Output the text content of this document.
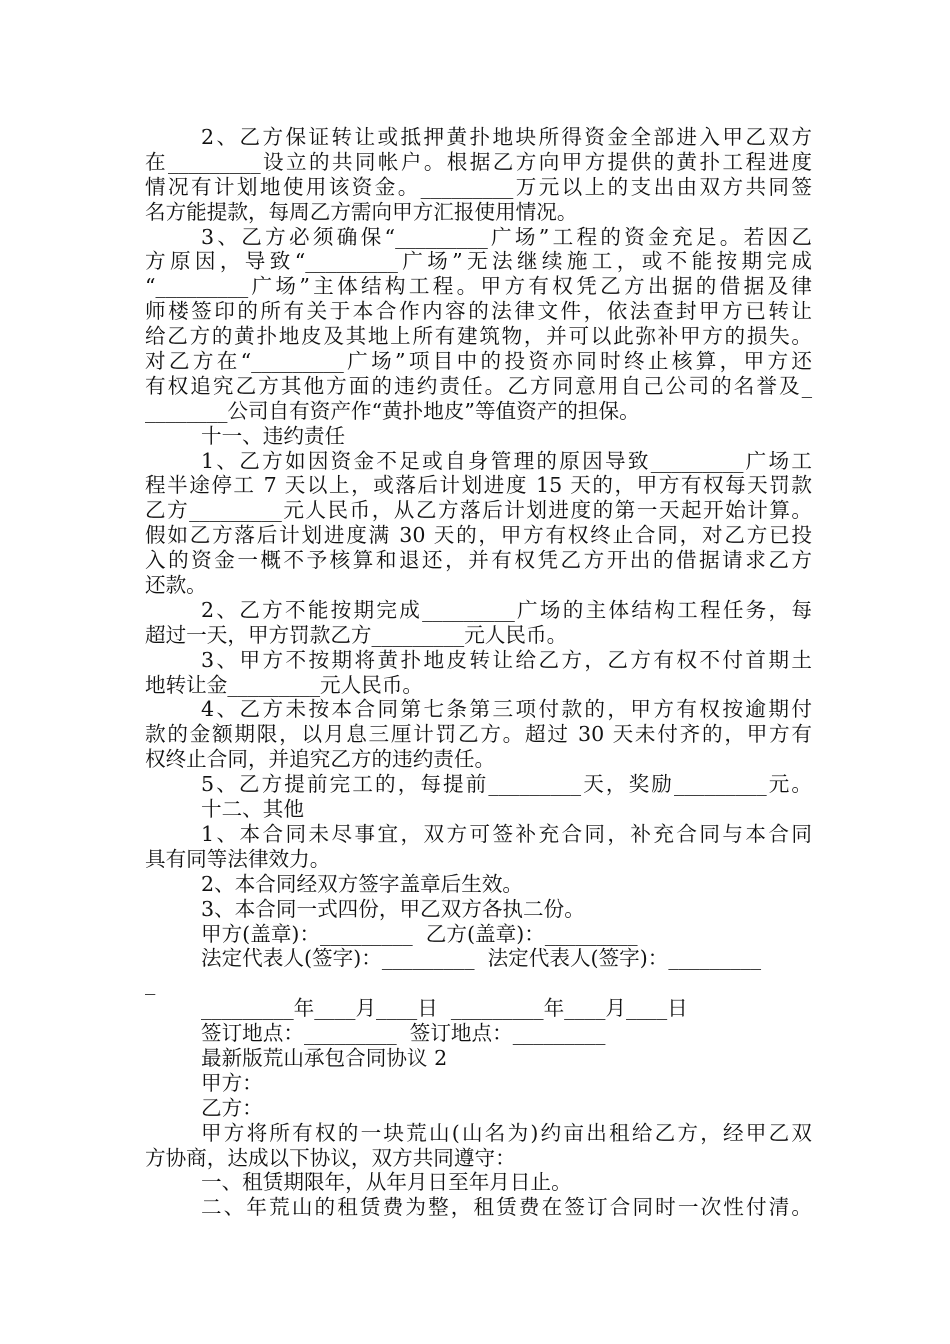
2、乙方保证转让或抵押黄扑地块所得资金全部进入甲乙双方
在_________设立的共同帐户。根据乙方向甲方提供的黄扑工程进度
情况有计划地使用该资金。_________万元以上的支出由双方共同签
名方能提款，每周乙方需向甲方汇报使用情况。
3、乙方必须确保“_________广场”工程的资金充足。若因乙
方原因，导致“_________广场”无法继续施工，或不能按期完成
“_________广场”主体结构工程。甲方有权凭乙方出据的借据及律
师楼签印的所有关于本合作内容的法律文件，依法查封甲方已转让
给乙方的黄扑地皮及其地上所有建筑物，并可以此弥补甲方的损失。
对乙方在“_________广场”项目中的投资亦同时终止核算，甲方还
有权追究乙方其他方面的违约责任。乙方同意用自己公司的名誉及_
________公司自有资产作“黄扑地皮”等值资产的担保。
十一、违约责任
1、乙方如因资金不足或自身管理的原因导致_________广场工
程半途停工 7 天以上，或落后计划进度 15 天的，甲方有权每天罚款
乙方_________元人民币，从乙方落后计划进度的第一天起开始计算。
假如乙方落后计划进度满 30 天的，甲方有权终止合同，对乙方已投
入的资金一概不予核算和退还，并有权凭乙方开出的借据请求乙方
还款。
2、乙方不能按期完成_________广场的主体结构工程任务，每
超过一天，甲方罚款乙方_________元人民币。
3、甲方不按期将黄扑地皮转让给乙方，乙方有权不付首期土
地转让金_________元人民币。
4、乙方未按本合同第七条第三项付款的，甲方有权按逾期付
款的金额期限，以月息三厘计罚乙方。超过 30 天未付齐的，甲方有
权终止合同，并追究乙方的违约责任。
5、乙方提前完工的，每提前_________天，奖励_________元。
十二、其他
1、本合同未尽事宜，双方可签补充合同，补充合同与本合同
具有同等法律效力。
2、本合同经双方签字盖章后生效。
3、本合同一式四份，甲乙双方各执二份。
甲方(盖章)：_________  乙方(盖章)：_________
法定代表人(签字)：_________  法定代表人(签字)：_________
_
_________年____月____日  _________年____月____日
签订地点：_________  签订地点：_________
最新版荒山承包合同协议 2
甲方：
乙方：
甲方将所有权的一块荒山(山名为)约亩出租给乙方，经甲乙双
方协商，达成以下协议，双方共同遵守：
一、租赁期限年，从年月日至年月日止。
二、年荒山的租赁费为整，租赁费在签订合同时一次性付清。
